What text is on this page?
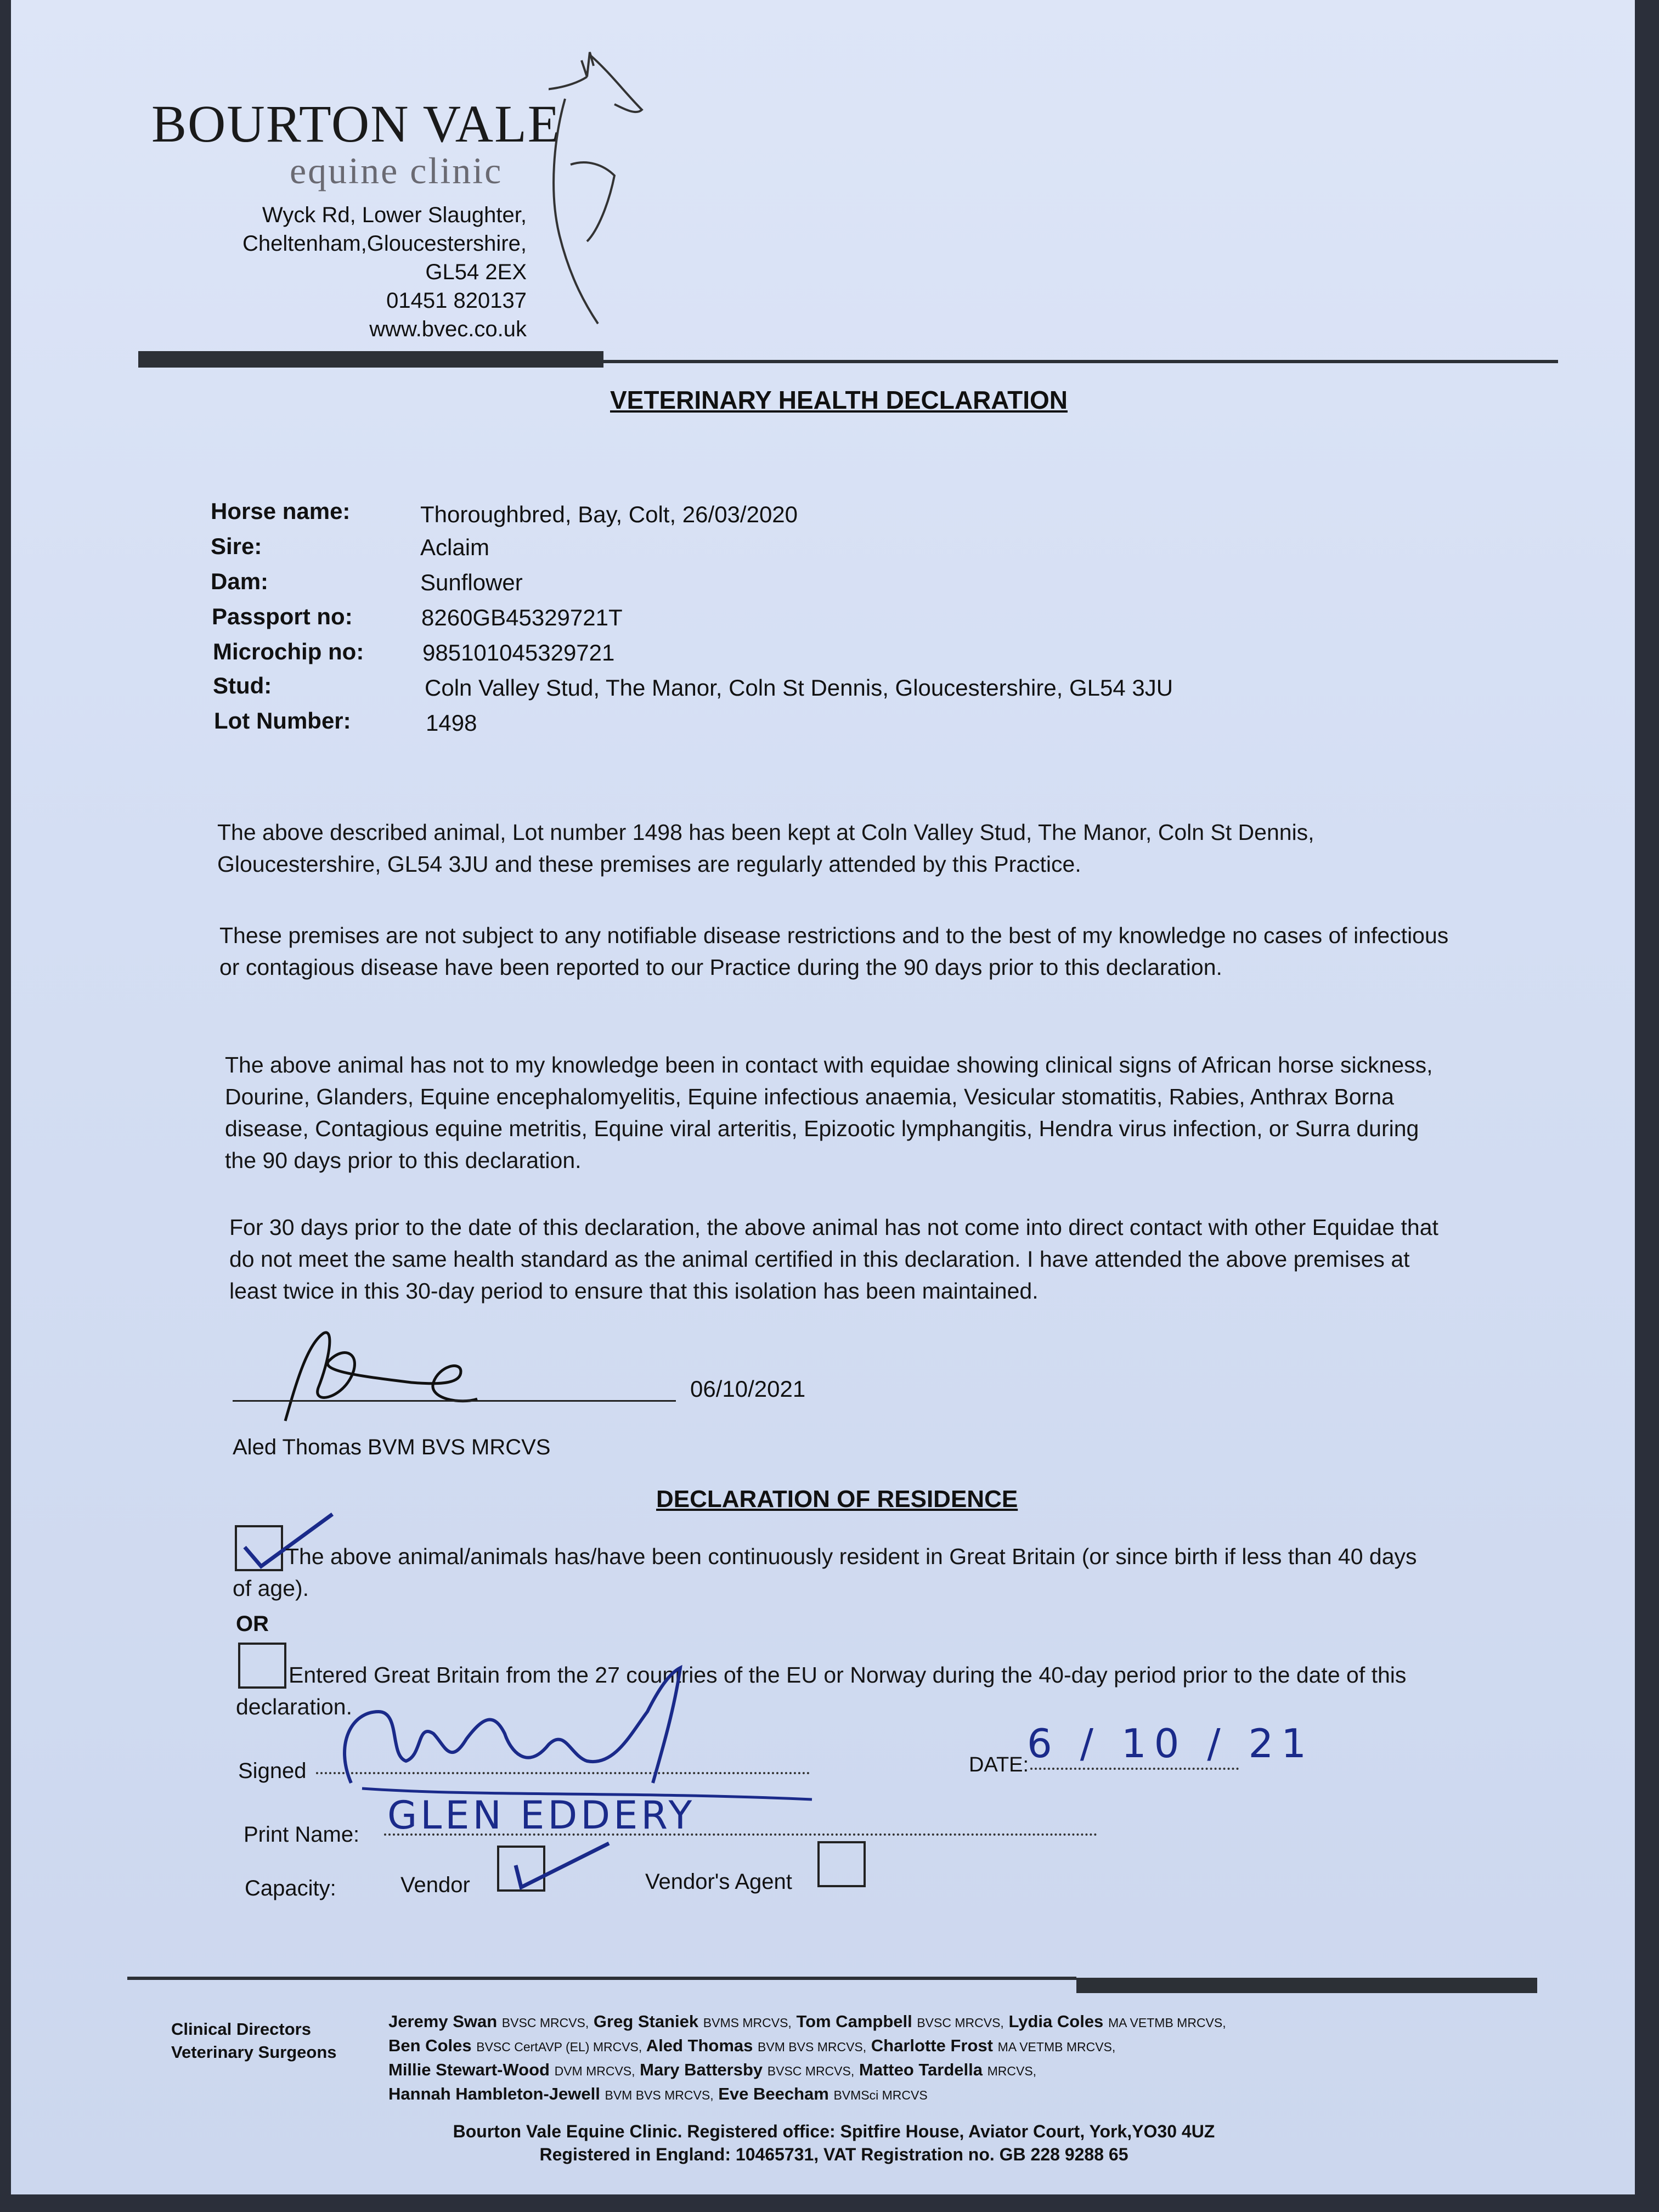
BOURTON VALE
equine clinic
Wyck Rd, Lower Slaughter,
Cheltenham,Gloucestershire,
GL54 2EX
01451 820137
www.bvec.co.uk
VETERINARY HEALTH DECLARATION
Horse name:	Thoroughbred, Bay, Colt, 26/03/2020
Sire:	Aclaim
Dam:	Sunflower
Passport no:	8260GB45329721T
Microchip no:	985101045329721
Stud:	Coln Valley Stud, The Manor, Coln St Dennis, Gloucestershire, GL54 3JU
Lot Number:	1498
The above described animal, Lot number 1498 has been kept at Coln Valley Stud, The Manor, Coln St Dennis, Gloucestershire, GL54 3JU and these premises are regularly attended by this Practice.
These premises are not subject to any notifiable disease restrictions and to the best of my knowledge no cases of infectious or contagious disease have been reported to our Practice during the 90 days prior to this declaration.
The above animal has not to my knowledge been in contact with equidae showing clinical signs of African horse sickness, Dourine, Glanders, Equine encephalomyelitis, Equine infectious anaemia, Vesicular stomatitis, Rabies, Anthrax Borna disease, Contagious equine metritis, Equine viral arteritis, Epizootic lymphangitis, Hendra virus infection, or Surra during the 90 days prior to this declaration.
For 30 days prior to the date of this declaration, the above animal has not come into direct contact with other Equidae that do not meet the same health standard as the animal certified in this declaration. I have attended the above premises at least twice in this 30-day period to ensure that this isolation has been maintained.
06/10/2021
Aled Thomas BVM BVS MRCVS
DECLARATION OF RESIDENCE
The above animal/animals has/have been continuously resident in Great Britain (or since birth if less than 40 days of age).
OR
Entered Great Britain from the 27 countries of the EU or Norway during the 40-day period prior to the date of this declaration.
Signed	DATE:
6 / 10 / 21
Print Name: GLEN EDDERY
Capacity:	Vendor	Vendor's Agent
Clinical Directors
Veterinary Surgeons
Jeremy Swan BVSC MRCVS, Greg Staniek BVMS MRCVS, Tom Campbell BVSC MRCVS, Lydia Coles MA VETMB MRCVS,
Ben Coles BVSC CertAVP (EL) MRCVS, Aled Thomas BVM BVS MRCVS, Charlotte Frost MA VETMB MRCVS,
Millie Stewart-Wood DVM MRCVS, Mary Battersby BVSC MRCVS, Matteo Tardella MRCVS,
Hannah Hambleton-Jewell BVM BVS MRCVS, Eve Beecham BVMSci MRCVS
Bourton Vale Equine Clinic. Registered office: Spitfire House, Aviator Court, York,YO30 4UZ
Registered in England: 10465731, VAT Registration no. GB 228 9288 65
